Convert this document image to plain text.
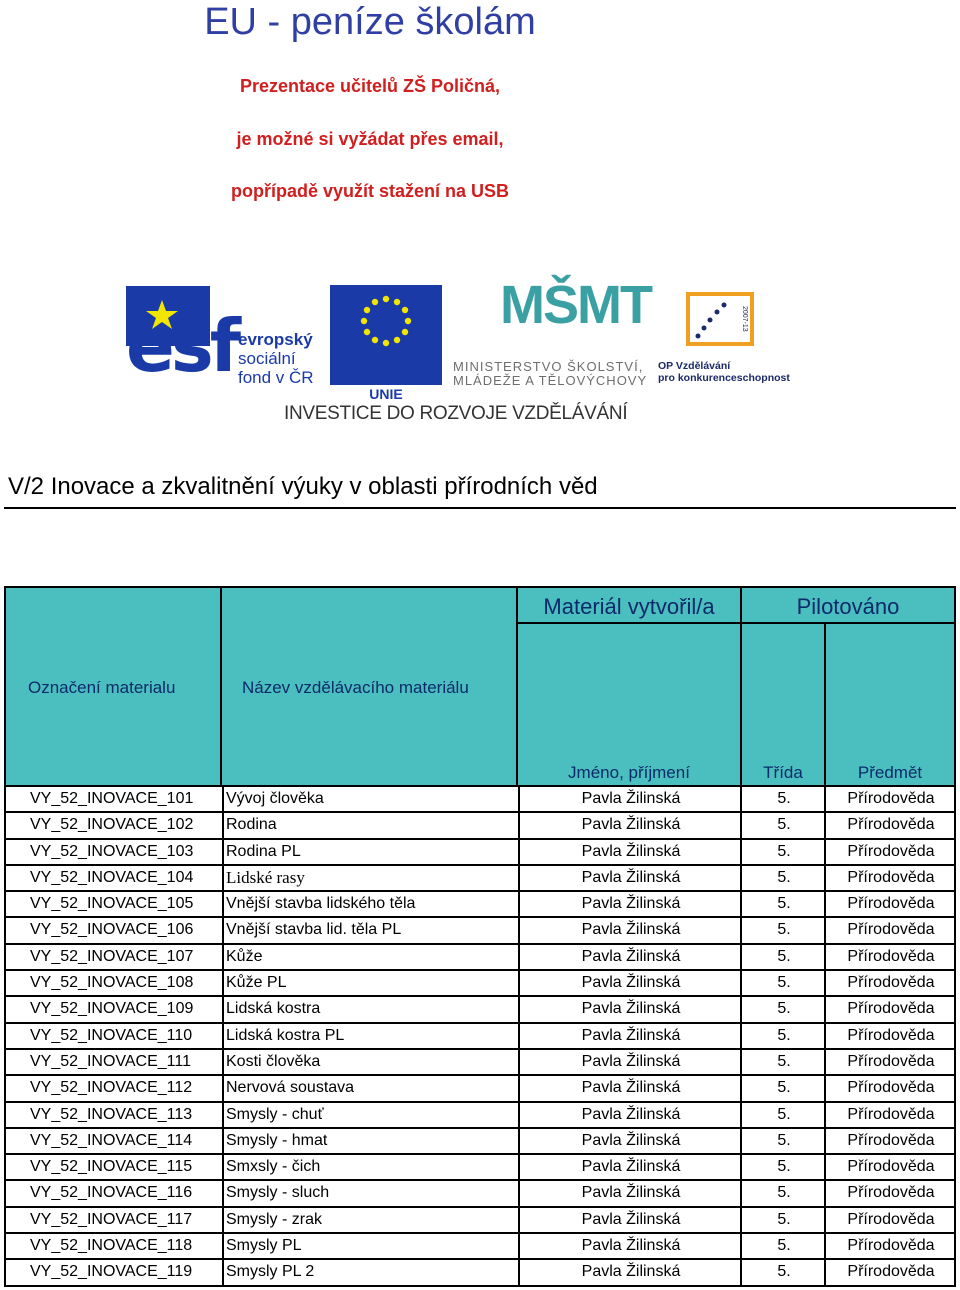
EU - peníze školám
Prezentace učitelů ZŠ Poličná,
je možné si vyžádat přes email,
popřípadě využít stažení na USB
esf evropský
sociální
fond v ČR	EVROPSKÁ UNIE
MŠMT
MINISTERSTVO ŠKOLSTVÍ,
MLÁDEŽE A TĚLOVÝCHOVY
2007-13
OP Vzdělávání
pro konkurenceschopnost
INVESTICE DO ROZVOJE VZDĚLÁVÁNÍ
V/2 Inovace a zkvalitnění výuky v oblasti přírodních věd
Označení materialu	Název vzdělávacího materiálu
Materiál vytvořil/a	Pilotováno
Jméno, příjmení	Třída	Předmět
VY_52_INOVACE_101 Vývoj člověka	Pavla Žilinská	5.	Přírodověda
VY_52_INOVACE_102 Rodina	Pavla Žilinská	5.	Přírodověda
VY_52_INOVACE_103 Rodina PL	Pavla Žilinská	5.	Přírodověda
VY_52_INOVACE_104 Lidské rasy	Pavla Žilinská	5.	Přírodověda
VY_52_INOVACE_105 Vnější stavba lidského těla	Pavla Žilinská	5.	Přírodověda
VY_52_INOVACE_106 Vnější stavba lid. těla PL	Pavla Žilinská	5.	Přírodověda
VY_52_INOVACE_107 Kůže	Pavla Žilinská	5.	Přírodověda
VY_52_INOVACE_108 Kůže PL	Pavla Žilinská	5.	Přírodověda
VY_52_INOVACE_109 Lidská kostra	Pavla Žilinská	5.	Přírodověda
VY_52_INOVACE_110 Lidská kostra PL	Pavla Žilinská	5.	Přírodověda
VY_52_INOVACE_111 Kosti člověka	Pavla Žilinská	5.	Přírodověda
VY_52_INOVACE_112 Nervová soustava	Pavla Žilinská	5.	Přírodověda
VY_52_INOVACE_113 Smysly - chuť	Pavla Žilinská	5.	Přírodověda
VY_52_INOVACE_114 Smysly - hmat	Pavla Žilinská	5.	Přírodověda
VY_52_INOVACE_115 Smxsly - čich	Pavla Žilinská	5.	Přírodověda
VY_52_INOVACE_116 Smysly - sluch	Pavla Žilinská	5.	Přírodověda
VY_52_INOVACE_117 Smysly - zrak	Pavla Žilinská	5.	Přírodověda
VY_52_INOVACE_118 Smysly PL	Pavla Žilinská	5.	Přírodověda
VY_52_INOVACE_119 Smysly PL 2	Pavla Žilinská	5.	Přírodověda
